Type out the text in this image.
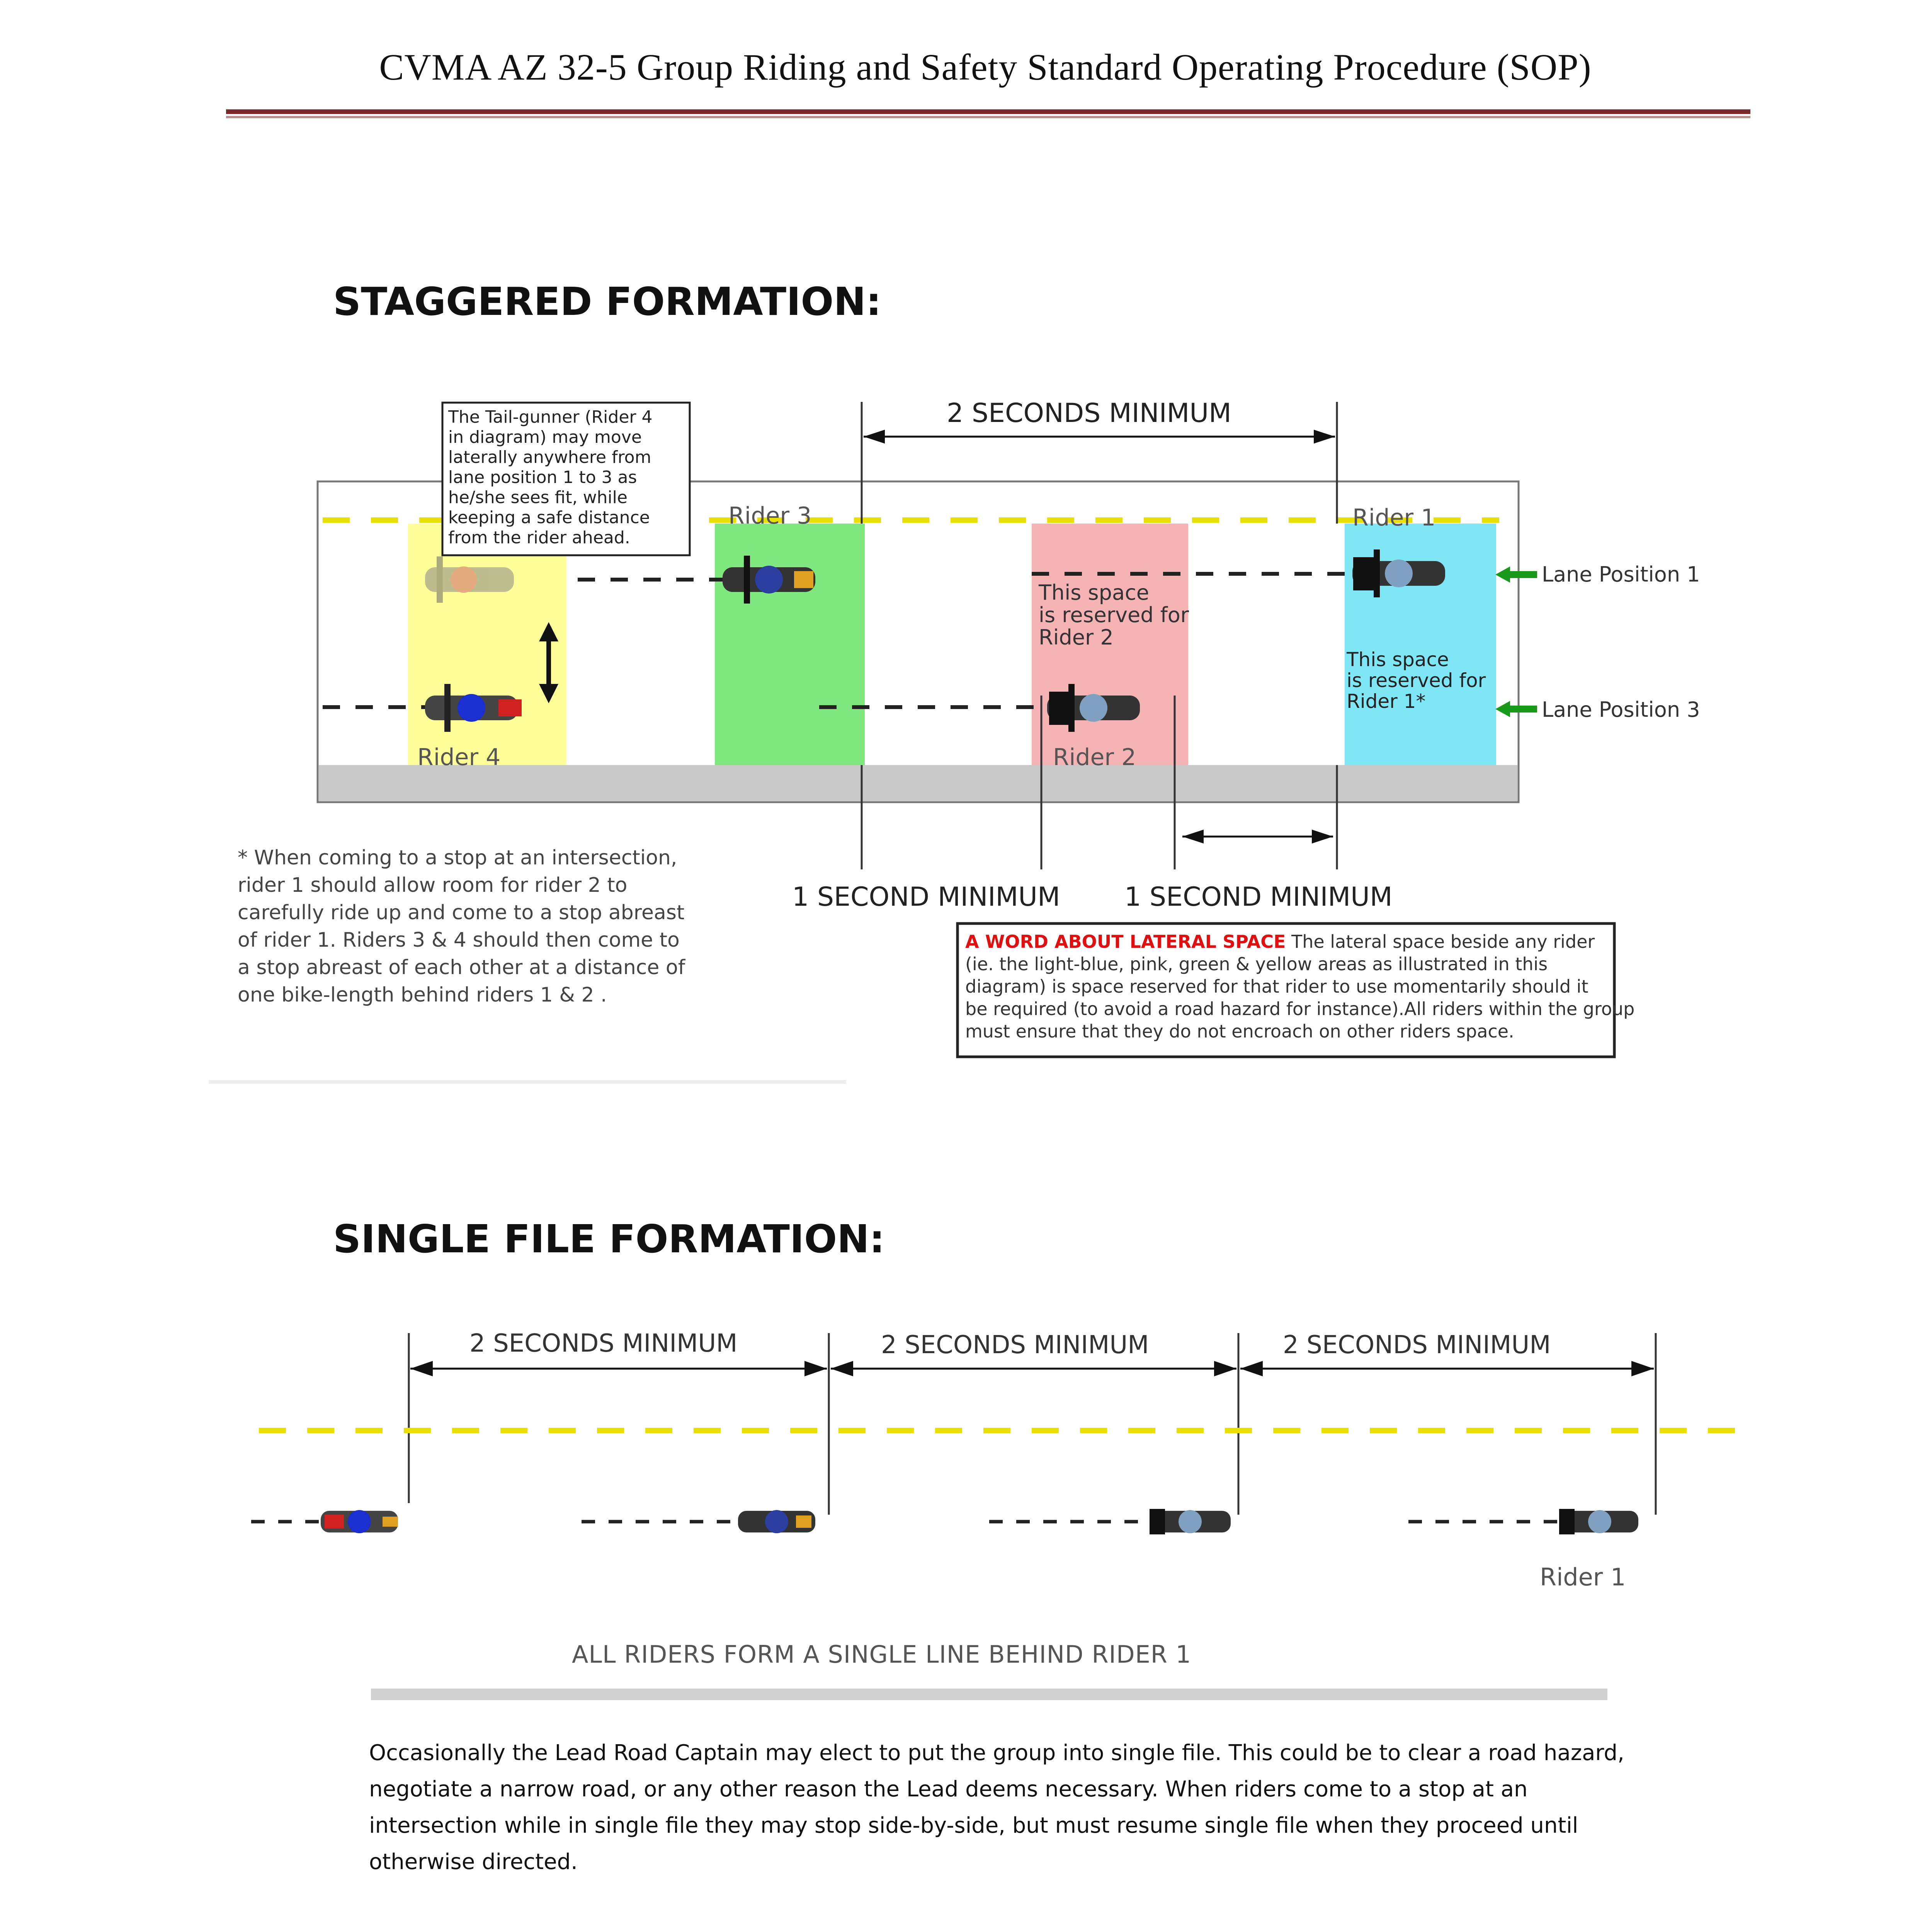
CVMA AZ 32-5 Group Riding and Safety Standard Operating Procedure (SOP)
STAGGERED FORMATION:
The Tail-gunner (Rider 4
in diagram) may move
laterally anywhere from
lane position 1 to 3 as
he/she sees fit, while
keeping a safe distance
from the rider ahead.
2 SECONDS MINIMUM
Rider 3	Rider 1
Rider 4	Rider 2
This space
is reserved for
Rider 2
This space
is reserved for
Rider 1*
Lane Position 1
Lane Position 3
1 SECOND MINIMUM 1 SECOND MINIMUM
* When coming to a stop at an intersection,
rider 1 should allow room for rider 2 to
carefully ride up and come to a stop abreast
of rider 1. Riders 3 & 4 should then come to
a stop abreast of each other at a distance of
one bike-length behind riders 1 & 2 .
A WORD ABOUT LATERAL SPACE The lateral space beside any rider
(ie. the light-blue, pink, green & yellow areas as illustrated in this
diagram) is space reserved for that rider to use momentarily should it
be required (to avoid a road hazard for instance).All riders within the group
must ensure that they do not encroach on other riders space.
SINGLE FILE FORMATION:
2 SECONDS MINIMUM	2 SECONDS MINIMUM	2 SECONDS MINIMUM
Rider 1
ALL RIDERS FORM A SINGLE LINE BEHIND RIDER 1
Occasionally the Lead Road Captain may elect to put the group into single file. This could be to clear a road hazard,
negotiate a narrow road, or any other reason the Lead deems necessary. When riders come to a stop at an
intersection while in single file they may stop side-by-side, but must resume single file when they proceed until
otherwise directed.
